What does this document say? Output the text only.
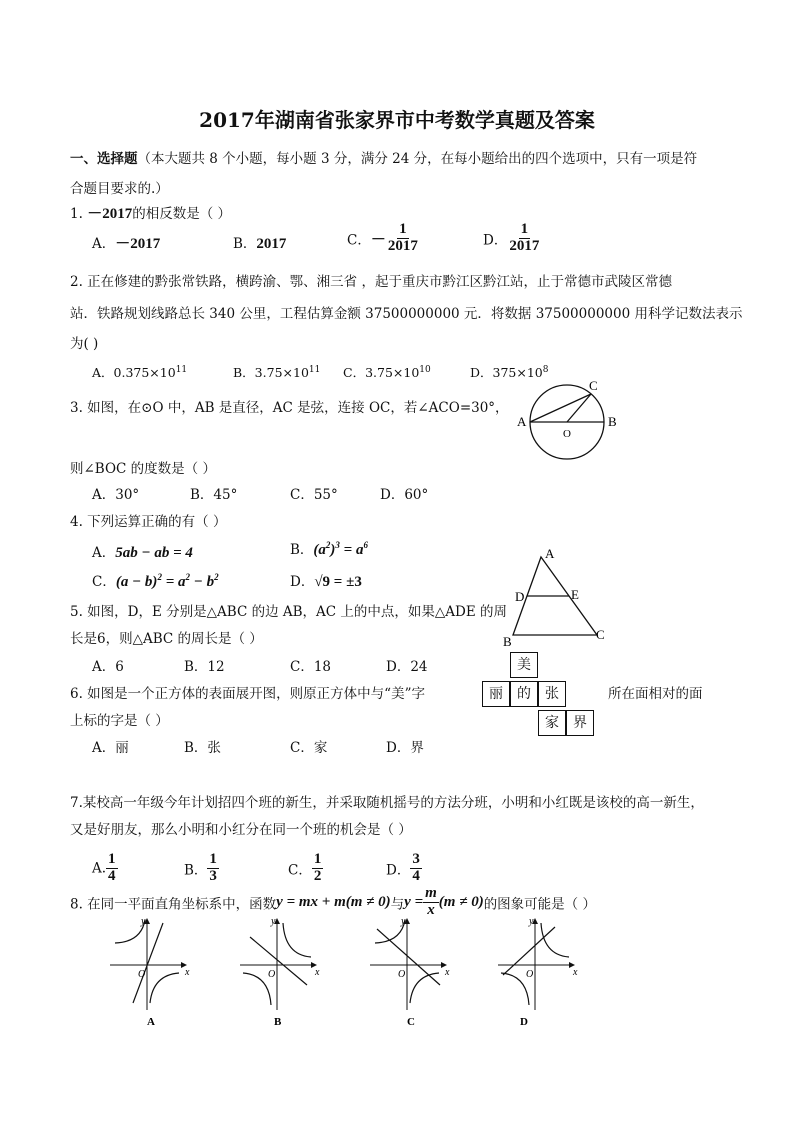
2017年湖南省张家界市中考数学真题及答案
一、选择题（本大题共 8 个小题，每小题 3 分，满分 24 分，在每小题给出的四个选项中，只有一项是符
合题目要求的.）
1. －2017的相反数是（ ）
A．－2017	B．2017	C．－ $\frac{1}{2017}$	D． $\frac{1}{2017}$
2. 正在修建的黔张常铁路，横跨渝、鄂、湘三省 ，起于重庆市黔江区黔江站，止于常德市武陵区常德
站．铁路规划线路总长 340 公里，工程估算金额 37500000000 元．将数据 37500000000 用科学记数法表示
为( )
A．$0.375\times 10^{11}$	B．$3.75\times 10^{11}$ C．$3.75\times 10^{10}$	D．$375\times 10^8$
3. 如图，在⊙O 中，AB 是直径，AC 是弦，连接 OC，若∠ACO=30°，
A	B
C
O
则∠BOC 的度数是（ ）
A．30°	B．45°	C．55°	D．60°
4. 下列运算正确的有（ ）
A．5ab − ab = 4	B．$(a^2)^3 = a^6$
C．$(a - b)^2 = a^2 - b^2$	D．√9 = ±3
A
B	C
D	E
5. 如图，D，E 分别是△ABC 的边 AB，AC 上的中点，如果△ADE 的周
长是6，则△ABC 的周长是（ ）
A．6	B．12	C．18	D．24	美
丽	的	张
家	界
6. 如图是一个正方体的表面展开图，则原正方体中与“美”字	所在面相对的面
上标的字是（ ）
A．丽	B．张	C．家	D．界
7.某校高一年级今年计划招四个班的新生，并采取随机摇号的方法分班，小明和小红既是该校的高一新生，
又是好朋友，那么小明和小红分在同一个班的机会是（ ）
A. $\frac{1}{4}$	B． $\frac{1}{3}$	C． $\frac{1}{2}$	D． $\frac{3}{4}$
8. 在同一平面直角坐标系中，函数y = mx + m(m ≠ 0)与$y = \frac{m}{x} (m \ne 0)$的图象可能是（ ）
y
x
O
A
y
x
O
B
y
x
O
C
y
x
O
D
